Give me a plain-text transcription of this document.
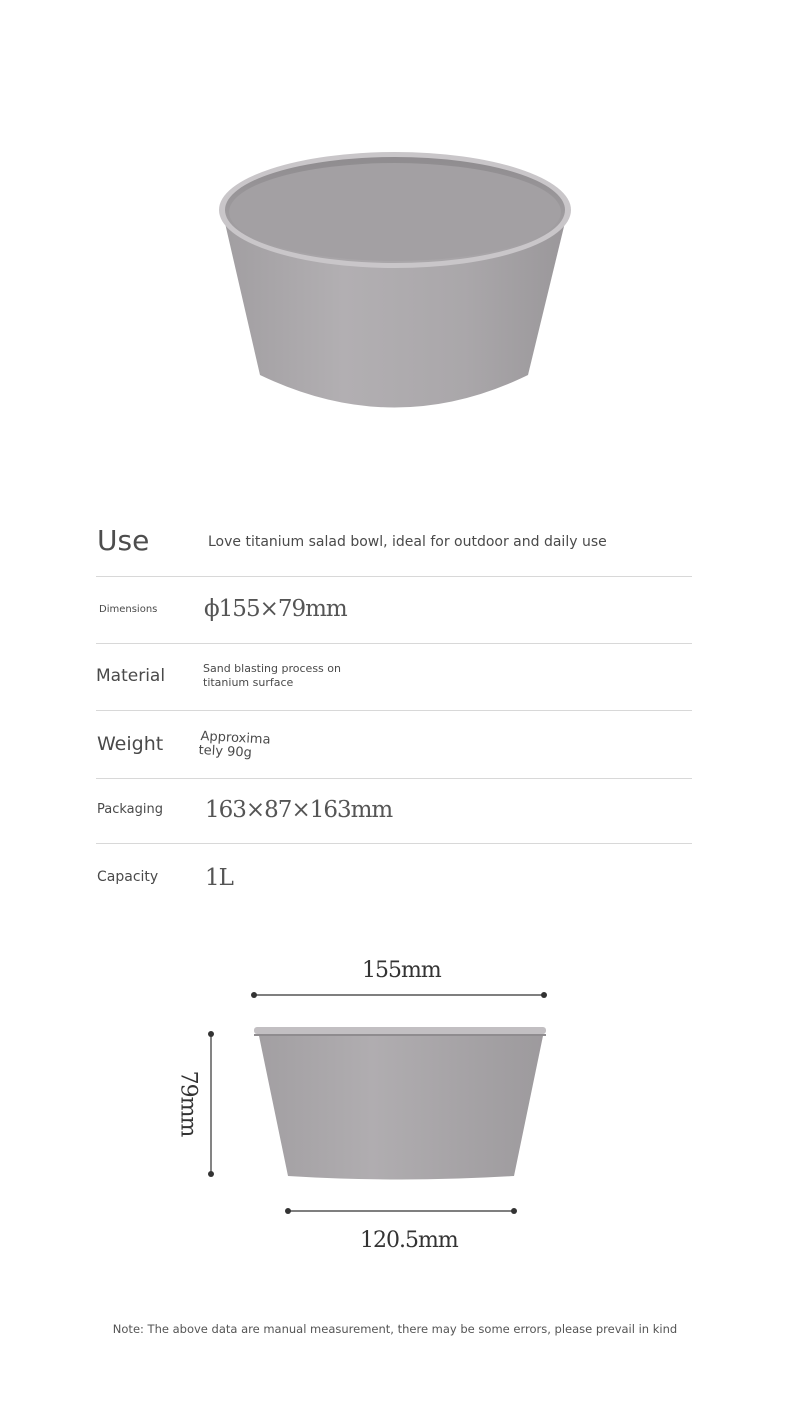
Use	Love titanium salad bowl, ideal for outdoor and daily use
Dimensions ϕ155×79mm
Material	Sand blasting process on
titanium surface
Weight	Approxima
tely 90g
Packaging 163×87×163mm
Capacity 1L
155mm
79mm
120.5mm
Note: The above data are manual measurement, there may be some errors, please prevail in kind
